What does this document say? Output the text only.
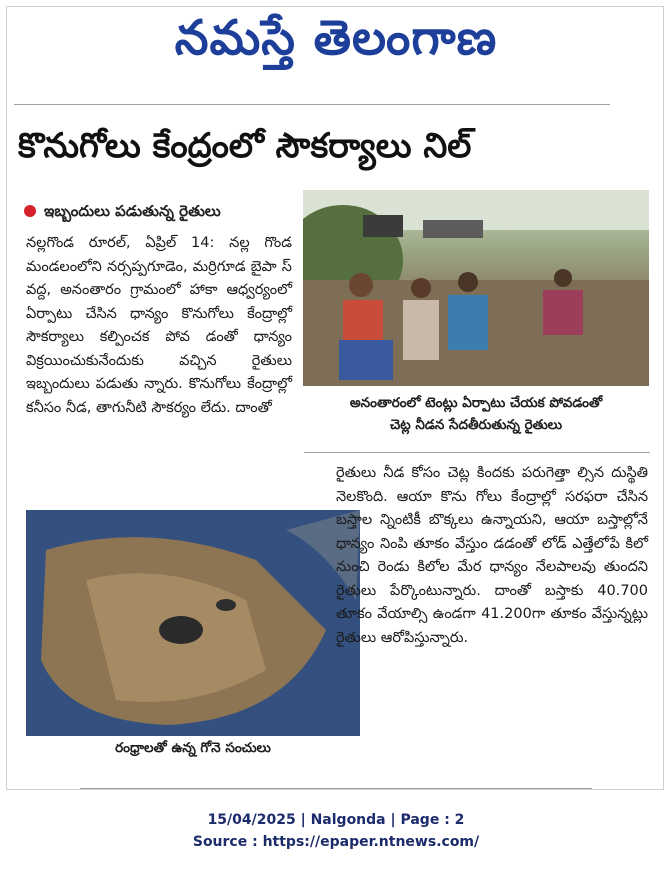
నమస్తే తెలంగాణ
కొనుగోలు కేంద్రంలో సౌకర్యాలు నిల్
ఇబ్బందులు పడుతున్న రైతులు
నల్లగొండ రూరల్, ఏప్రిల్ 14: నల్ల గొండ మండలంలోని నర్సప్పగూడెం, మర్రిగూడ బైపా స్ వద్ద, అనంతారం గ్రామంలో హాకా ఆధ్వర్యంలో ఏర్పాటు చేసిన ధాన్యం కొనుగోలు కేంద్రాల్లో సౌకర్యాలు కల్పించక పోవ డంతో ధాన్యం విక్రయించుకునేందుకు వచ్చిన రైతులు ఇబ్బందులు పడుతు న్నారు. కొనుగోలు కేంద్రాల్లో కనీసం నీడ, తాగునీటి సౌకర్యం లేదు. దాంతో	అనంతారంలో టెంట్లు ఏర్పాటు చేయక పోవడంతో
చెట్ల నీడన సేదతీరుతున్న రైతులు
రంధ్రాలతో ఉన్న గోనె సంచులు
రైతులు నీడ కోసం చెట్ల కిందకు పరుగెత్తా ల్సిన దుస్థితి నెలకొంది. ఆయా కొను గోలు కేంద్రాల్లో సరఫరా చేసిన బస్తాల న్నింటికీ బొక్కలు ఉన్నాయని, ఆయా బస్తాల్లోనే ధాన్యం నింపి తూకం వేస్తుం డడంతో లోడ్ ఎత్తేలోపే కిలో నుంచి రెండు కిలోల మేర ధాన్యం నేలపాలవు తుందని రైతులు పేర్కొంటున్నారు. దాంతో బస్తాకు 40.700 తూకం వేయాల్సి ఉండగా 41.200గా తూకం వేస్తున్నట్లు రైతులు ఆరోపిస్తున్నారు.
15/04/2025 | Nalgonda | Page : 2
Source : https://epaper.ntnews.com/
